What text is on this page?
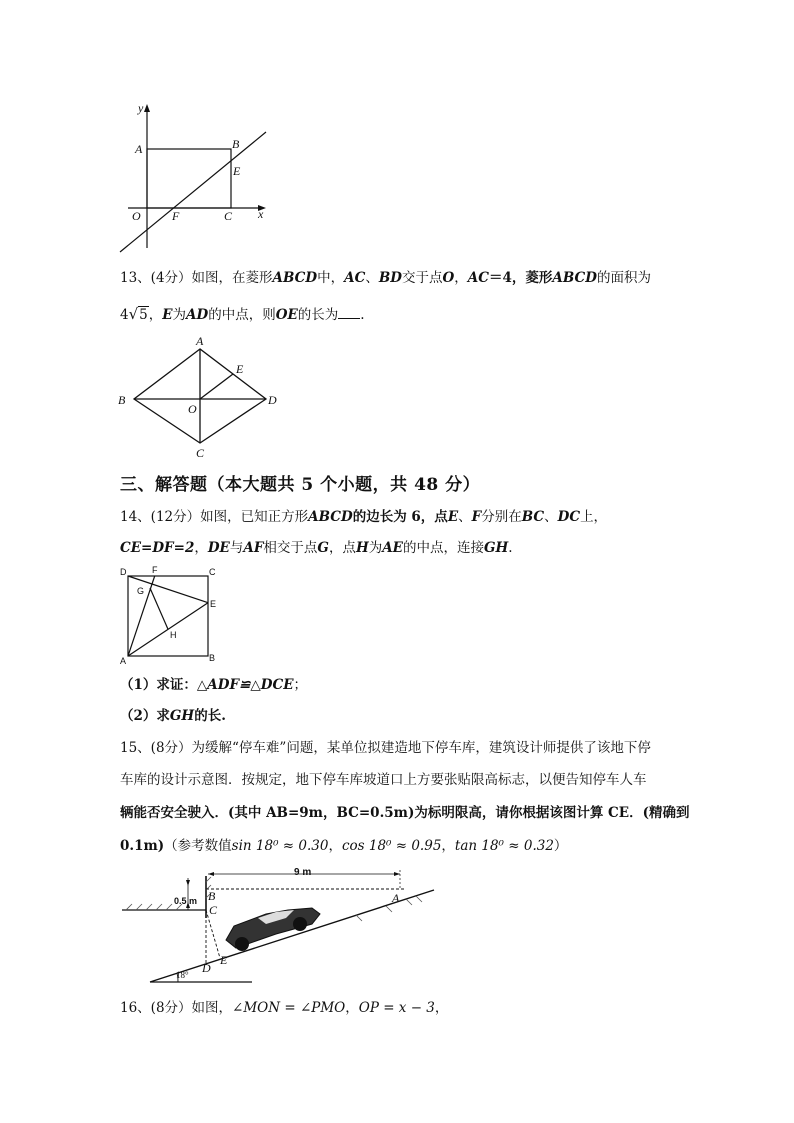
y
x
A	B
E
O	F	C
13、(4分）如图，在菱形ABCD中，AC、BD交于点O，AC＝4，菱形ABCD的面积为
4√5，E为AD的中点，则OE的长为 .
A
B
C
D
E
O
三、解答题（本大题共 5 个小题，共 48 分）
14、(12分）如图，已知正方形ABCD的边长为 6，点E、F分别在BC、DC上，
CE=DF=2，DE与AF相交于点G，点H为AE的中点，连接GH.
D	F	C
G
E
H
A	B
（1）求证：△ADF≌△DCE；
（2）求GH的长.
15、(8分）为缓解“停车难”问题，某单位拟建造地下停车库，建筑设计师提供了该地下停
车库的设计示意图．按规定，地下停车库坡道口上方要张贴限高标志，以便告知停车人车
辆能否安全驶入．(其中 AB=9m，BC=0.5m)为标明限高，请你根据该图计算 CE．(精确到
0.1m)（参考数值sin 18⁰ ≈ 0.30，cos 18⁰ ≈ 0.95，tan 18⁰ ≈ 0.32）
9 m
0.5 m
18°
B
C
A
D
E
16、(8分）如图，∠MON = ∠PMO，OP = x − 3，
